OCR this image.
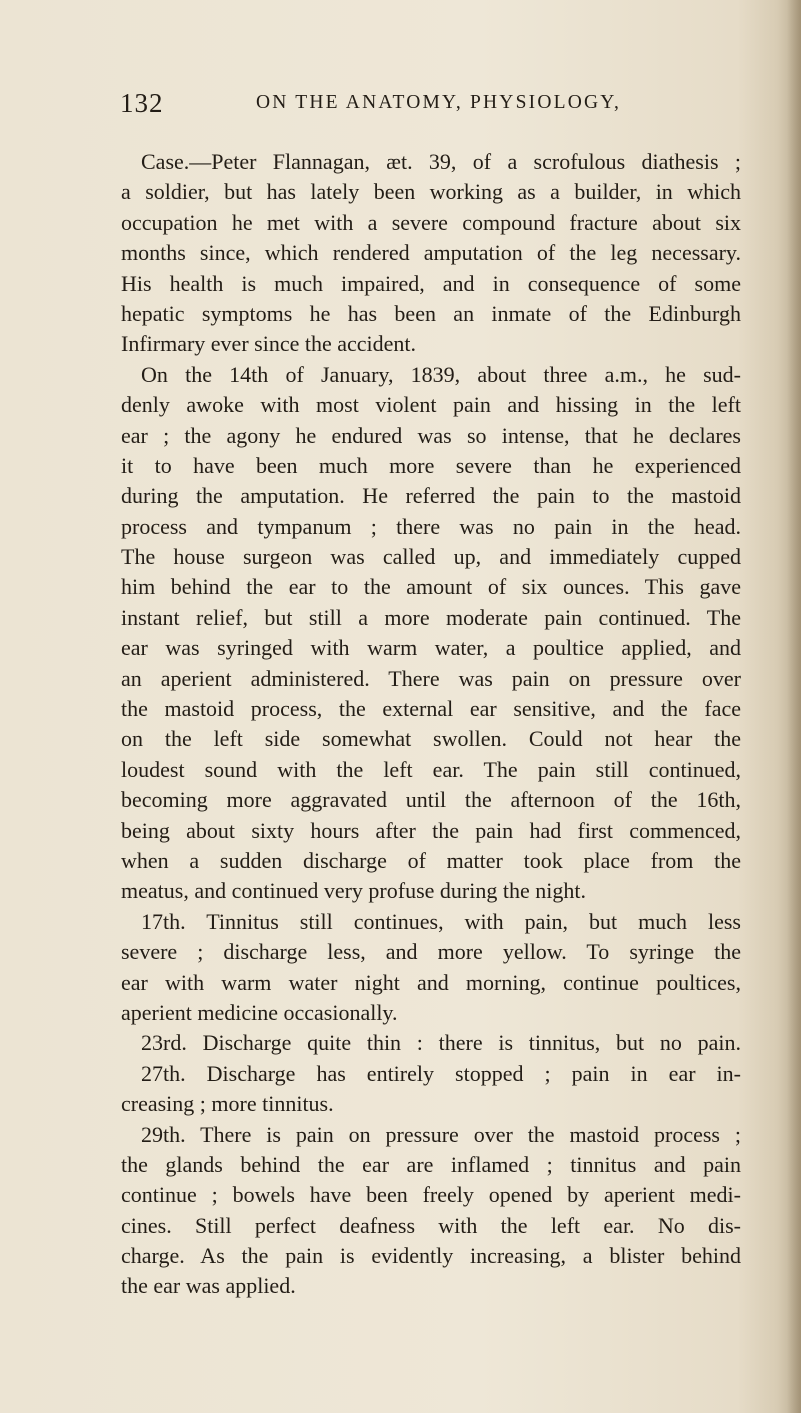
132	ON THE ANATOMY, PHYSIOLOGY,
Case.—Peter Flannagan, æt. 39, of a scrofulous diathesis ;
a soldier, but has lately been working as a builder, in which
occupation he met with a severe compound fracture about six
months since, which rendered amputation of the leg necessary.
His health is much impaired, and in consequence of some
hepatic symptoms he has been an inmate of the Edinburgh
Infirmary ever since the accident.
On the 14th of January, 1839, about three a.m., he sud-
denly awoke with most violent pain and hissing in the left
ear ; the agony he endured was so intense, that he declares
it to have been much more severe than he experienced
during the amputation. He referred the pain to the mastoid
process and tympanum ; there was no pain in the head.
The house surgeon was called up, and immediately cupped
him behind the ear to the amount of six ounces. This gave
instant relief, but still a more moderate pain continued. The
ear was syringed with warm water, a poultice applied, and
an aperient administered. There was pain on pressure over
the mastoid process, the external ear sensitive, and the face
on the left side somewhat swollen. Could not hear the
loudest sound with the left ear. The pain still continued,
becoming more aggravated until the afternoon of the 16th,
being about sixty hours after the pain had first commenced,
when a sudden discharge of matter took place from the
meatus, and continued very profuse during the night.
17th. Tinnitus still continues, with pain, but much less
severe ; discharge less, and more yellow. To syringe the
ear with warm water night and morning, continue poultices,
aperient medicine occasionally.
23rd. Discharge quite thin : there is tinnitus, but no pain.
27th. Discharge has entirely stopped ; pain in ear in-
creasing ; more tinnitus.
29th. There is pain on pressure over the mastoid process ;
the glands behind the ear are inflamed ; tinnitus and pain
continue ; bowels have been freely opened by aperient medi-
cines. Still perfect deafness with the left ear. No dis-
charge. As the pain is evidently increasing, a blister behind
the ear was applied.
